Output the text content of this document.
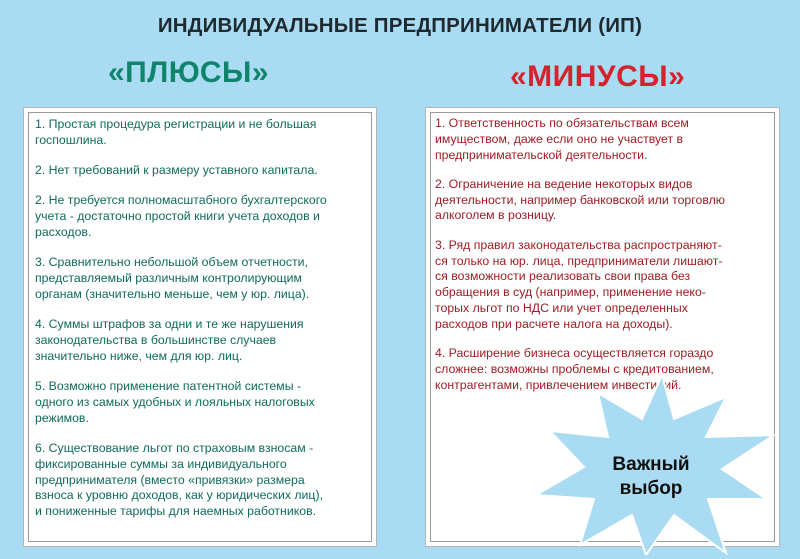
ИНДИВИДУАЛЬНЫЕ ПРЕДПРИНИМАТЕЛИ (ИП)
«ПЛЮСЫ»	«МИНУСЫ»

1. Простая процедура регистрации и не большая
госпошлина.

2. Нет требований к размеру уставного капитала.

2. Не требуется полномасштабного бухгалтерского
учета - достаточно простой книги учета доходов и
расходов.

3. Сравнительно небольшой объем отчетности,
представляемый различным контролирующим
органам (значительно меньше, чем у юр. лица).

4. Суммы штрафов за одни и те же нарушения
законодательства в большинстве случаев
значительно ниже, чем для юр. лиц.

5. Возможно применение патентной системы -
одного из самых удобных и лояльных налоговых
режимов.

6. Существование льгот по страховым взносам -
фиксированные суммы за индивидуального
предпринимателя (вместо «привязки» размера
взноса к уровню доходов, как у юридических лиц),
и пониженные тарифы для наемных работников.

1. Ответственность по обязательствам всем
имуществом, даже если оно не участвует в
предпринимательской деятельности.

2. Ограничение на ведение некоторых видов
деятельности, например банковской или торговлю
алкоголем в розницу.

3. Ряд правил законодательства распространяют-
ся только на юр. лица, предприниматели лишают-
ся возможности реализовать свои права без
обращения в суд (например, применение неко-
торых льгот по НДС или учет определенных
расходов при расчете налога на доходы).

4. Расширение бизнеса осуществляется гораздо
сложнее: возможны проблемы с кредитованием,
контрагентами, привлечением инвестиций.

Важный
выбор
